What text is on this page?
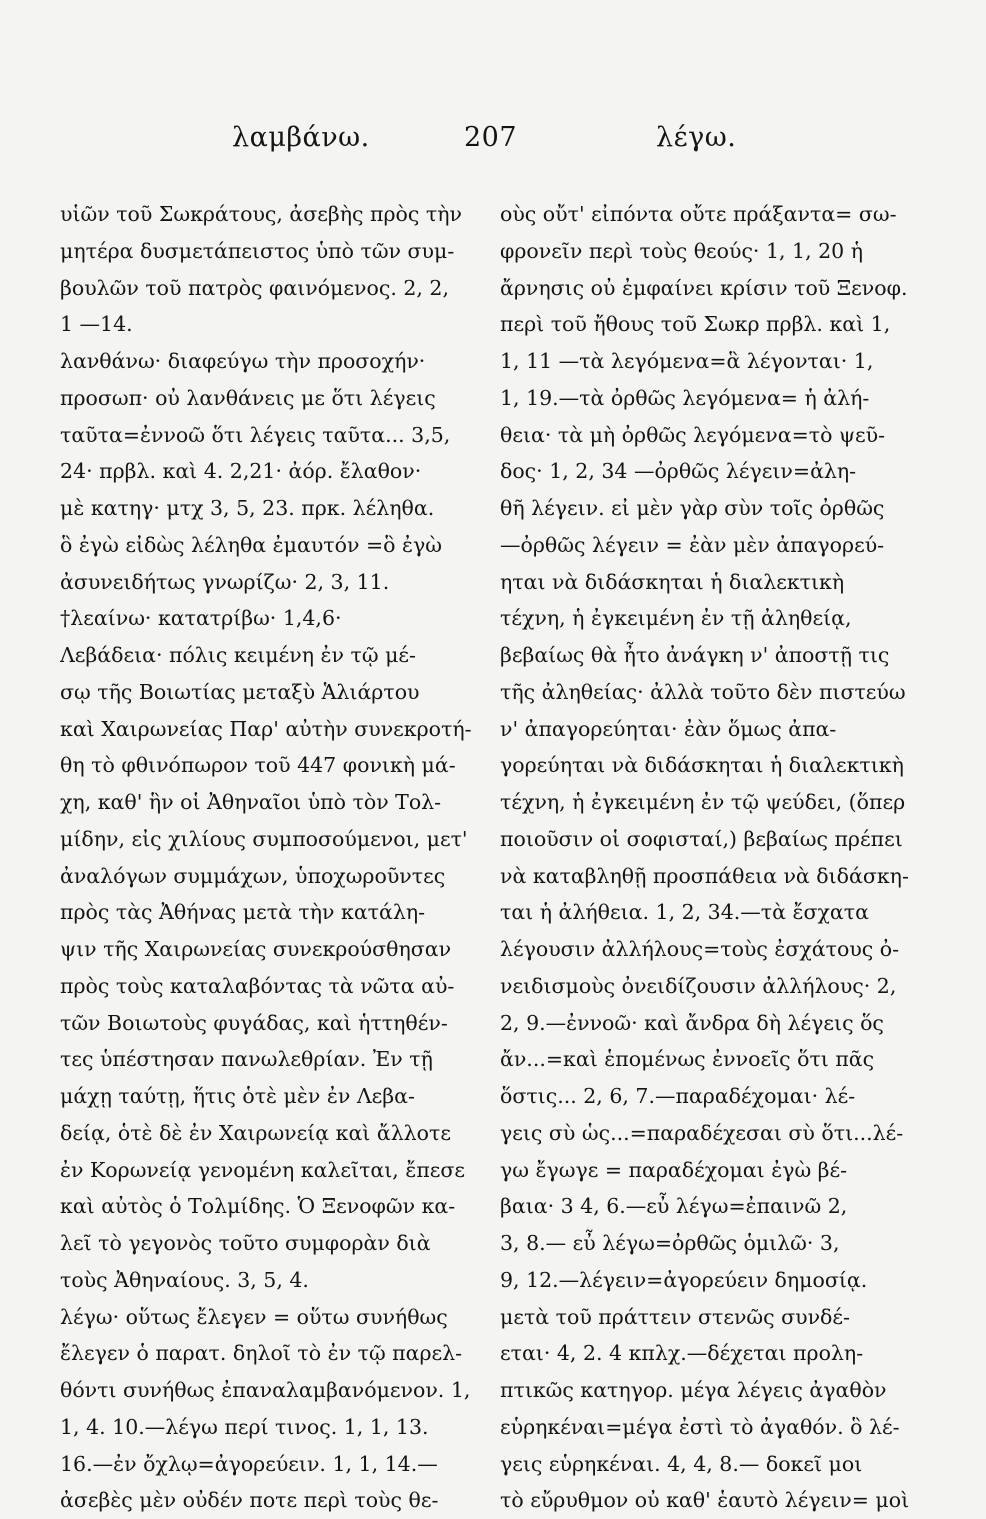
λαμβάνω.	207	λέγω.
υἱῶν τοῦ Σωκράτους, ἀσεβὴς πρὸς τὴν
μητέρα δυσμετάπειστος ὑπὸ τῶν συμ-
βουλῶν τοῦ πατρὸς φαινόμενος. 2, 2,
1 —14.
λανθάνω· διαφεύγω τὴν προσοχήν·
προσωπ· οὐ λανθάνεις με ὅτι λέγεις
ταῦτα=ἐννοῶ ὅτι λέγεις ταῦτα... 3,5,
24· πρβλ. καὶ 4. 2,21· ἀόρ. ἔλαθον·
μὲ κατηγ· μτχ 3, 5, 23. πρκ. λέληθα.
ὃ ἐγὼ εἰδὼς λέληθα ἐμαυτόν =ὃ ἐγὼ
ἀσυνειδήτως γνωρίζω· 2, 3, 11.
†λεαίνω· κατατρίβω· 1,4,6·
Λεβάδεια· πόλις κειμένη ἐν τῷ μέ-
σῳ τῆς Βοιωτίας μεταξὺ Ἁλιάρτου
καὶ Χαιρωνείας Παρ' αὐτὴν συνεκροτή-
θη τὸ φθινόπωρον τοῦ 447 φονικὴ μά-
χη, καθ' ἣν οἱ Ἀθηναῖοι ὑπὸ τὸν Τολ-
μίδην, εἰς χιλίους συμποσούμενοι, μετ'
ἀναλόγων συμμάχων, ὑποχωροῦντες
πρὸς τὰς Ἀθήνας μετὰ τὴν κατάλη-
ψιν τῆς Χαιρωνείας συνεκρούσθησαν
πρὸς τοὺς καταλαβόντας τὰ νῶτα αὐ-
τῶν Βοιωτοὺς φυγάδας, καὶ ἡττηθέν-
τες ὑπέστησαν πανωλεθρίαν. Ἐν τῇ
μάχῃ ταύτῃ, ἥτις ὁτὲ μὲν ἐν Λεβα-
δείᾳ, ὁτὲ δὲ ἐν Χαιρωνείᾳ καὶ ἄλλοτε
ἐν Κορωνείᾳ γενομένη καλεῖται, ἔπεσε
καὶ αὐτὸς ὁ Τολμίδης. Ὁ Ξενοφῶν κα-
λεῖ τὸ γεγονὸς τοῦτο συμφορὰν διὰ
τοὺς Ἀθηναίους. 3, 5, 4.
λέγω· οὕτως ἔλεγεν = οὕτω συνήθως
ἔλεγεν ὁ παρατ. δηλοῖ τὸ ἐν τῷ παρελ-
θόντι συνήθως ἐπαναλαμβανόμενον. 1,
1, 4. 10.—λέγω περί τινος. 1, 1, 13.
16.—ἐν ὄχλῳ=ἀγορεύειν. 1, 1, 14.—
ἀσεβὲς μὲν οὐδέν ποτε περὶ τοὺς θε-
οὺς οὔτ' εἰπόντα οὔτε πράξαντα= σω-
φρονεῖν περὶ τοὺς θεούς· 1, 1, 20 ἡ
ἄρνησις οὐ ἐμφαίνει κρίσιν τοῦ Ξενοφ.
περὶ τοῦ ἤθους τοῦ Σωκρ πρβλ. καὶ 1,
1, 11 —τὰ λεγόμενα=ἃ λέγονται· 1,
1, 19.—τὰ ὀρθῶς λεγόμενα= ἡ ἀλή-
θεια· τὰ μὴ ὀρθῶς λεγόμενα=τὸ ψεῦ-
δος· 1, 2, 34 —ὀρθῶς λέγειν=ἀλη-
θῆ λέγειν. εἰ μὲν γὰρ σὺν τοῖς ὀρθῶς
—ὀρθῶς λέγειν = ἐὰν μὲν ἀπαγορεύ-
ηται νὰ διδάσκηται ἡ διαλεκτικὴ
τέχνη, ἡ ἐγκειμένη ἐν τῇ ἀληθείᾳ,
βεβαίως θὰ ἦτο ἀνάγκη ν' ἀποστῇ τις
τῆς ἀληθείας· ἀλλὰ τοῦτο δὲν πιστεύω
ν' ἀπαγορεύηται· ἐὰν ὅμως ἀπα-
γορεύηται νὰ διδάσκηται ἡ διαλεκτικὴ
τέχνη, ἡ ἐγκειμένη ἐν τῷ ψεύδει, (ὅπερ
ποιοῦσιν οἱ σοφισταί,) βεβαίως πρέπει
νὰ καταβληθῇ προσπάθεια νὰ διδάσκη-
ται ἡ ἀλήθεια. 1, 2, 34.—τὰ ἔσχατα
λέγουσιν ἀλλήλους=τοὺς ἐσχάτους ὀ-
νειδισμοὺς ὀνειδίζουσιν ἀλλήλους· 2,
2, 9.—ἐννοῶ· καὶ ἄνδρα δὴ λέγεις ὅς
ἄν...=καὶ ἑπομένως ἐννοεῖς ὅτι πᾶς
ὅστις... 2, 6, 7.—παραδέχομαι· λέ-
γεις σὺ ὡς...=παραδέχεσαι σὺ ὅτι...λέ-
γω ἔγωγε = παραδέχομαι ἐγὼ βέ-
βαια· 3 4, 6.—εὖ λέγω=ἐπαινῶ 2,
3, 8.— εὖ λέγω=ὀρθῶς ὁμιλῶ· 3,
9, 12.—λέγειν=ἀγορεύειν δημοσίᾳ.
μετὰ τοῦ πράττειν στενῶς συνδέ-
εται· 4, 2. 4 κπλχ.—δέχεται προλη-
πτικῶς κατηγορ. μέγα λέγεις ἀγαθὸν
εὑρηκέναι=μέγα ἐστὶ τὸ ἀγαθόν. ὃ λέ-
γεις εὑρηκέναι. 4, 4, 8.— δοκεῖ μοι
τὸ εὔρυθμον οὐ καθ' ἑαυτὸ λέγειν= μοὶ
